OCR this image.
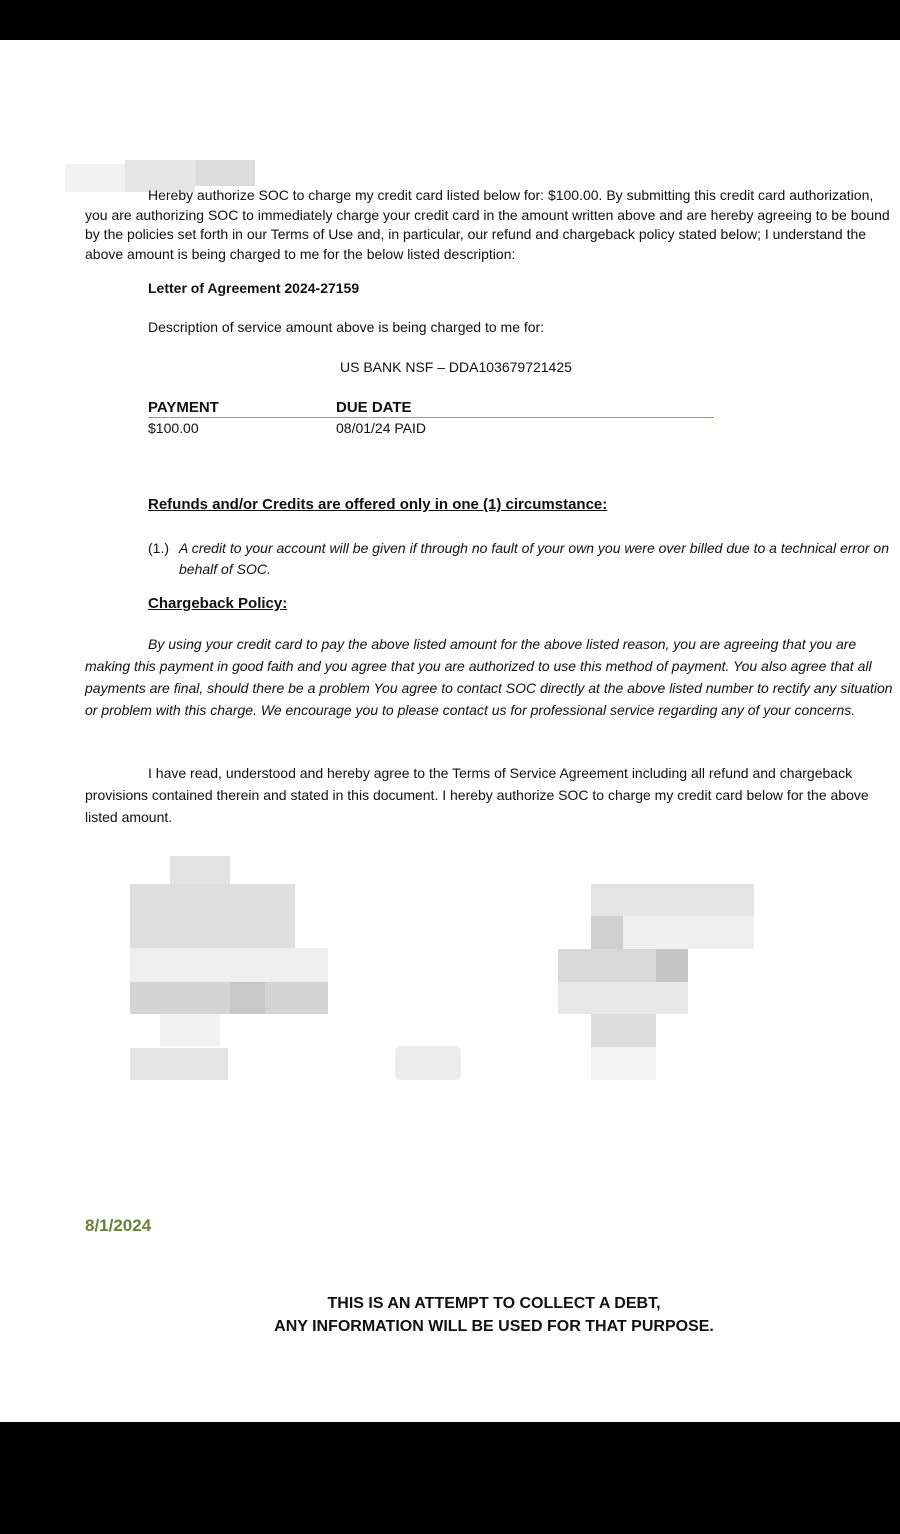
Hereby authorize SOC to charge my credit card listed below for: $100.00. By submitting this credit card authorization, you are authorizing SOC to immediately charge your credit card in the amount written above and are hereby agreeing to be bound by the policies set forth in our Terms of Use and, in particular, our refund and chargeback policy stated below; I understand the above amount is being charged to me for the below listed description:

Letter of Agreement 2024-27159
Description of service amount above is being charged to me for:
US BANK NSF – DDA103679721425
PAYMENT	DUE DATE
$100.00	08/01/24 PAID
Refunds and/or Credits are offered only in one (1) circumstance:
(1.) A credit to your account will be given if through no fault of your own you were over billed due to a technical error on behalf of SOC.
Chargeback Policy:

By using your credit card to pay the above listed amount for the above listed reason, you are agreeing that you are making this payment in good faith and you agree that you are authorized to use this method of payment. You also agree that all payments are final, should there be a problem You agree to contact SOC directly at the above listed number to rectify any situation or problem with this charge. We encourage you to please contact us for professional service regarding any of your concerns.

I have read, understood and hereby agree to the Terms of Service Agreement including all refund and chargeback provisions contained therein and stated in this document. I hereby authorize SOC to charge my credit card below for the above listed amount.

8/1/2024
THIS IS AN ATTEMPT TO COLLECT A DEBT,
ANY INFORMATION WILL BE USED FOR THAT PURPOSE.
